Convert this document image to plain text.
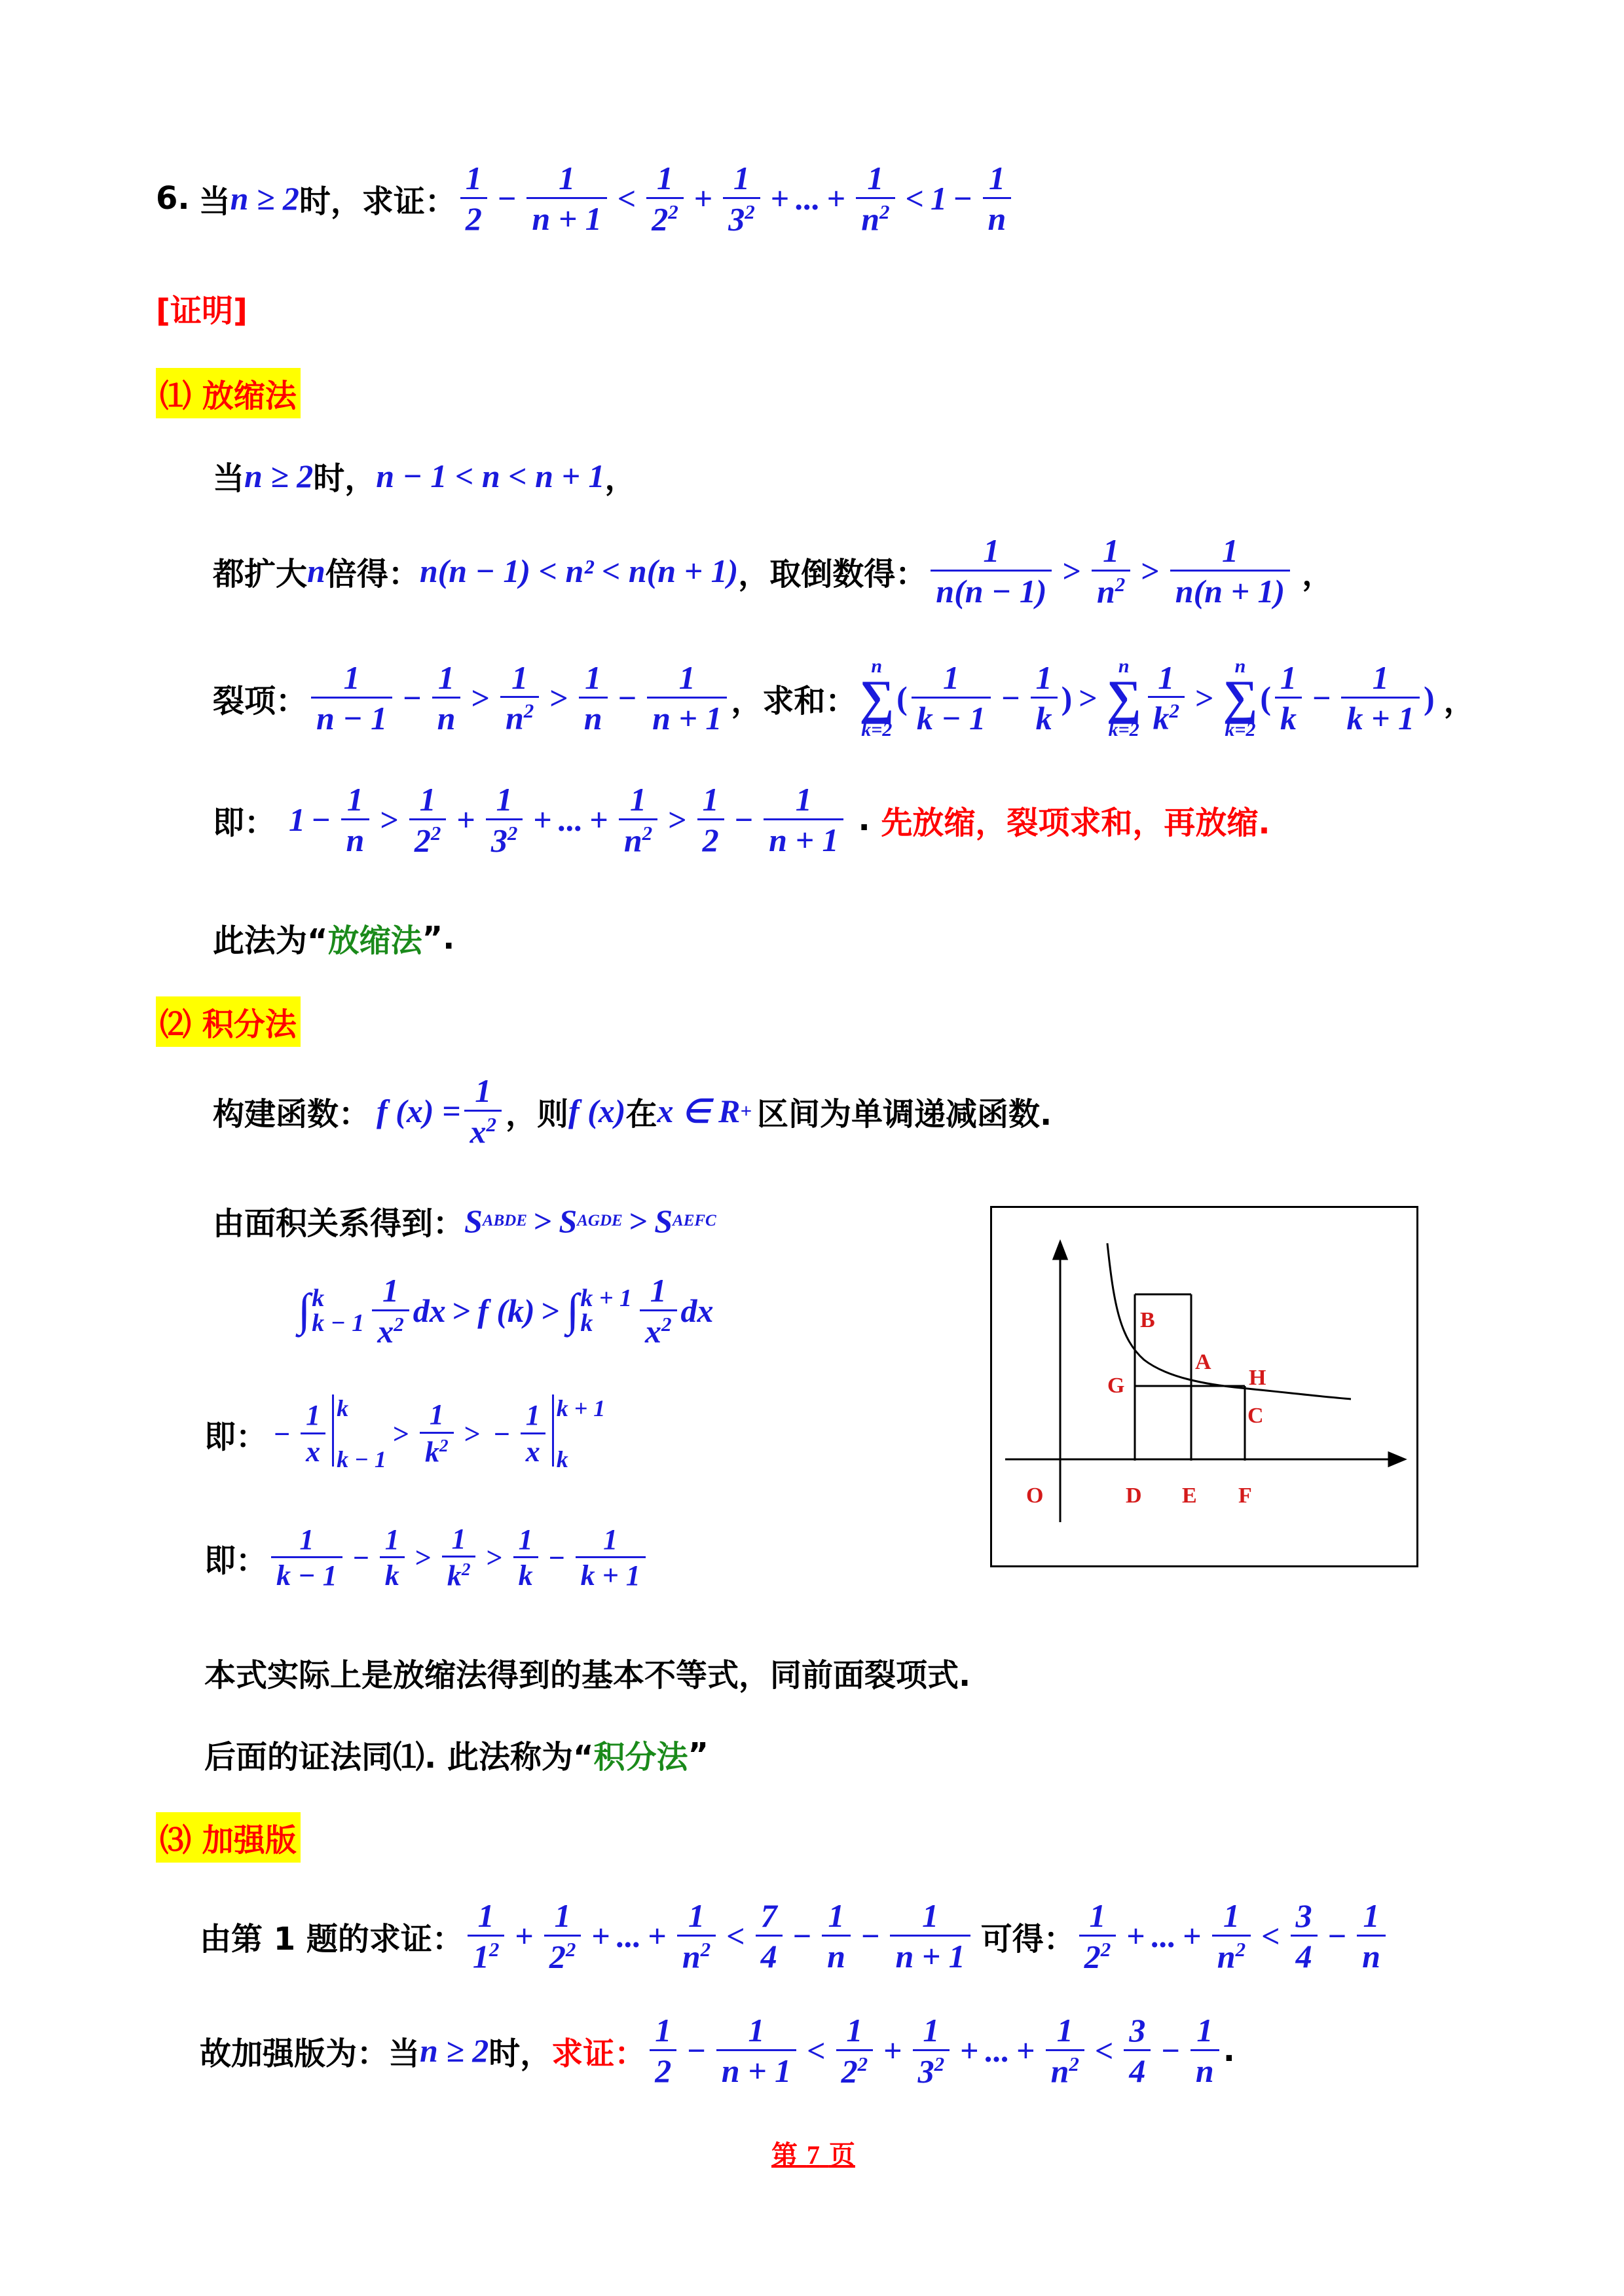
6. 当 n ≥ 2 时，求证： $\frac{1}{2} - \frac{1}{n + 1} < \frac{1}{2^2} + \frac{1}{3^2}$ + ... + $\frac{1}{n^2} < 1 - \frac{1}{n}$
[证明]
⑴ 放缩法
当 n ≥ 2 时， n − 1 < n < n + 1 ，
都扩大 n 倍得： n(n − 1) < n² < n(n + 1) ，取倒数得： $\frac{1}{n(n - 1)} > \frac{1}{n^2} > \frac{1}{n(n + 1)}$ ，
裂项： $\frac{1}{n - 1} - \frac{1}{n} > \frac{1}{n^2} > \frac{1}{n} - \frac{1}{n + 1}$ ，求和：
n
∑
k=2
( $\frac{1}{k - 1} - \frac{1}{k}$ ) >
n
∑
$k=2 \frac{1}{k^2}$ >
n
∑
k=2
( $\frac{1}{k} - \frac{1}{k + 1}$ ) ，
即： $1 - \frac{1}{n} > \frac{1}{2^2} + \frac{1}{3^2}$ + ... + $\frac{1}{n^2} > \frac{1}{2} - \frac{1}{n + 1}$ . 先放缩，裂项求和，再放缩.
此法为“ 放缩法 ”.
⑵ 积分法
构建函数： f $(x) = \frac{1}{x^2}$ ，则 f (x) 在 x ∈ R + 区间为单调递减函数.
由面积关系得到： S ABDE > S AGDE > S AEFC
∫ k
$k - 1 \frac{1}{x^2}$ dx > f (k) > ∫ k + 1
k	$\frac{1}{x^2}$ dx
即： − $\frac{1}{x}$ k
k − 1
> $\frac{1}{k^2}$ > − $\frac{1}{x}$ k + 1
k
即： $\frac{1}{k - 1} - \frac{1}{k} > \frac{1}{k^2} > \frac{1}{k} - \frac{1}{k + 1}$
本式实际上是放缩法得到的基本不等式，同前面裂项式.
后面的证法同⑴. 此法称为“ 积分法 ”
B
A
G	H
C
O	D E F
⑶ 加强版
由第 1 题的求证： $\frac{1}{1^2} + \frac{1}{2^2}$ + ... + $\frac{1}{n^2} < \frac{7}{4} - \frac{1}{n} - \frac{1}{n + 1}$ 可得： $\frac{1}{2^2}$ + ... + $\frac{1}{n^2} < \frac{3}{4} - \frac{1}{n}$
故加强版为：当 n ≥ 2 时， 求证： $\frac{1}{2} - \frac{1}{n + 1} < \frac{1}{2^2} + \frac{1}{3^2}$ + ... + $\frac{1}{n^2} < \frac{3}{4} - \frac{1}{n}$ .
第 7 页
